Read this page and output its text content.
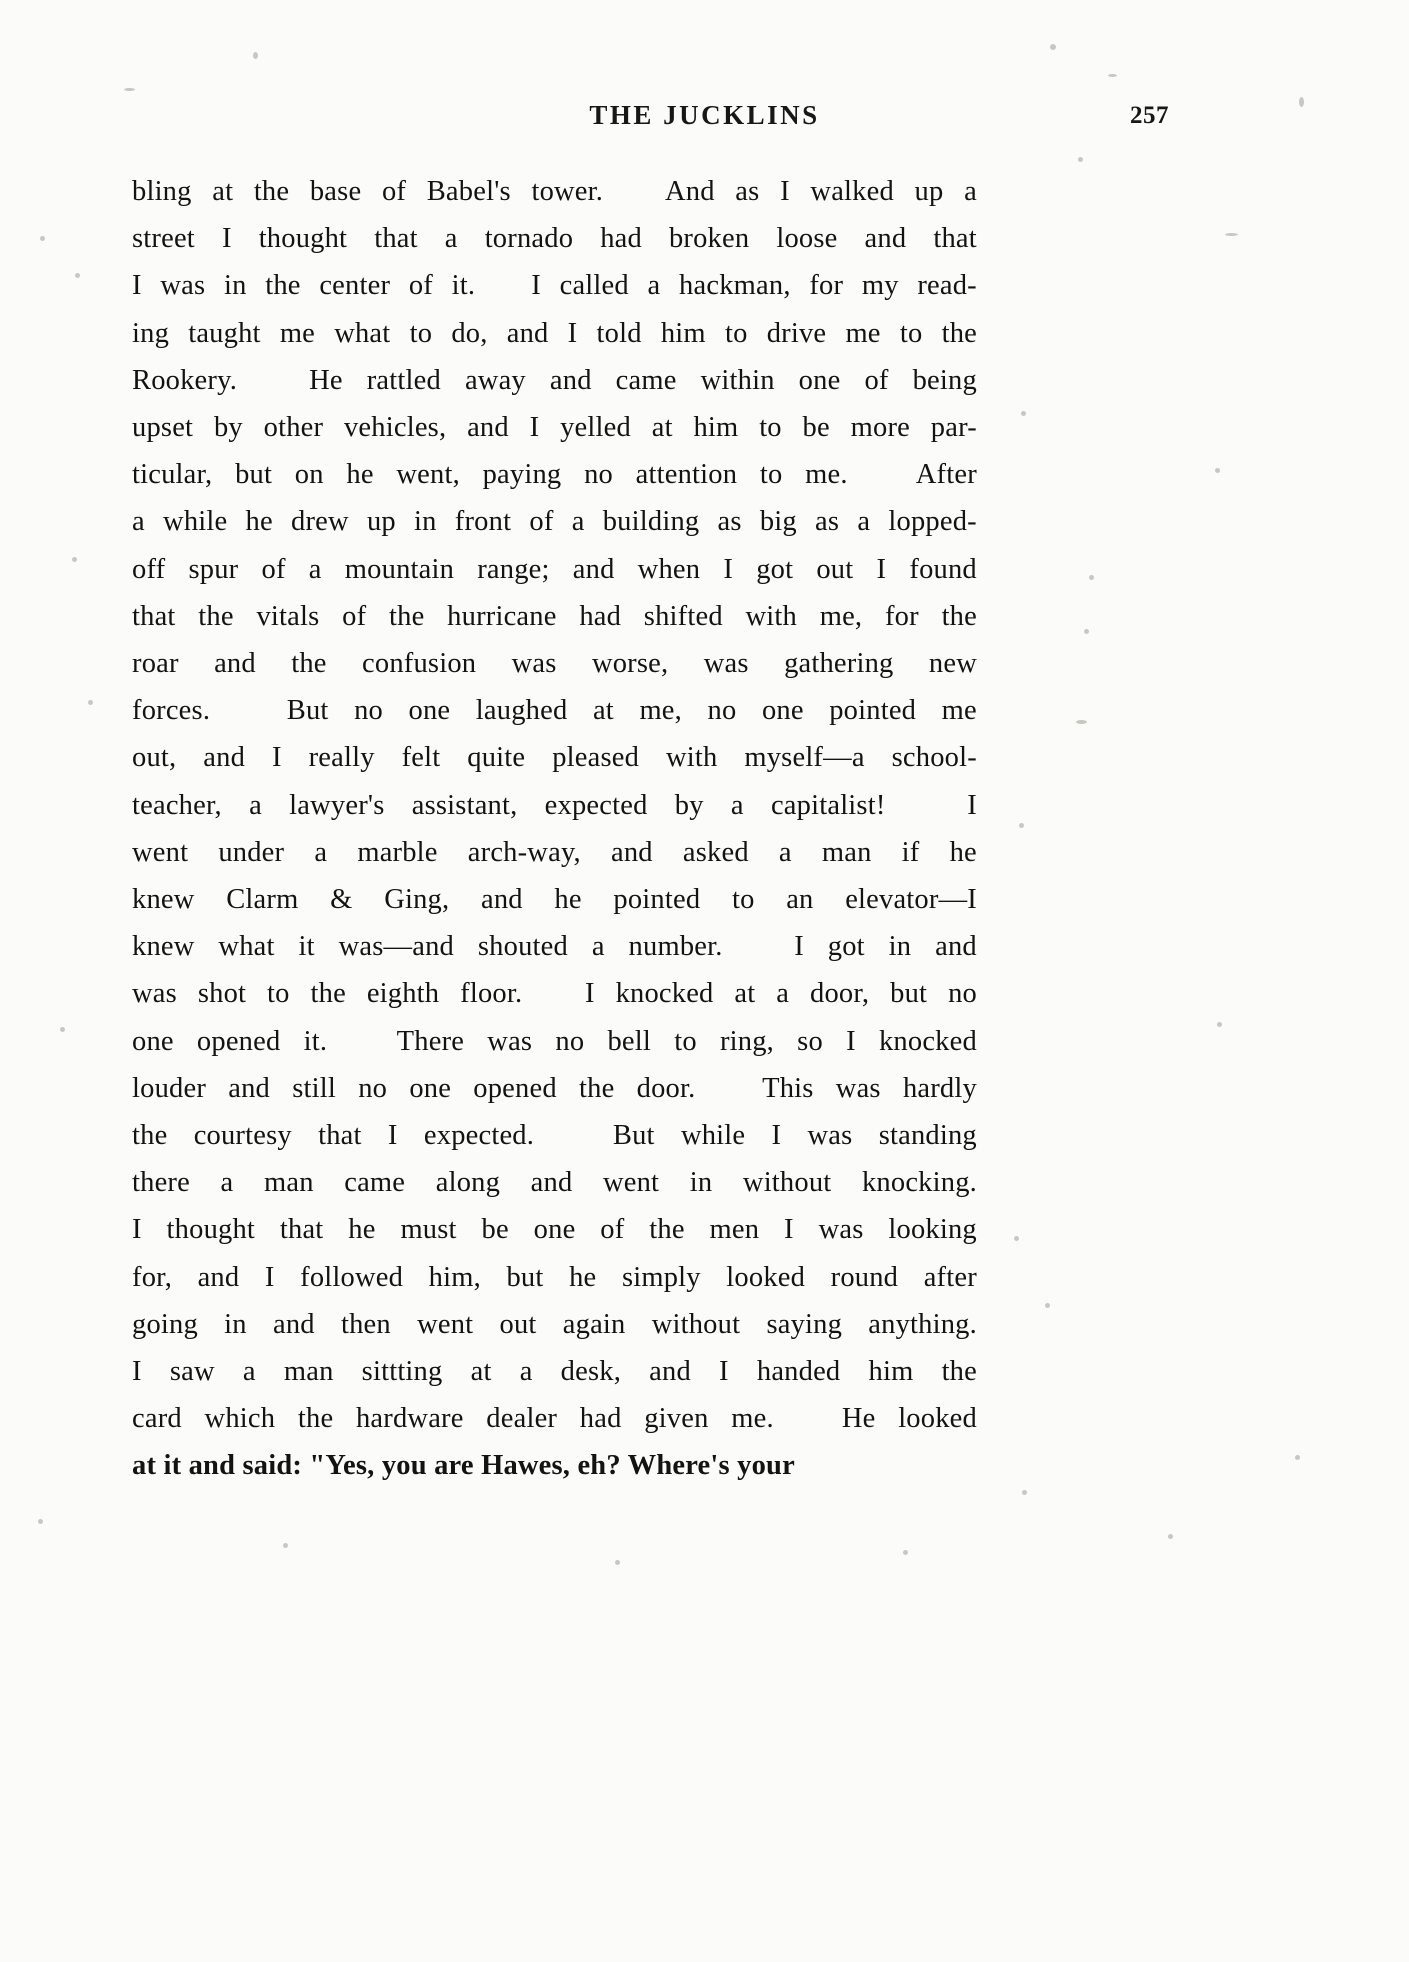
THE JUCKLINS	257
bling at the base of Babel's tower. And as I walked up a
street I thought that a tornado had broken loose and that
I was in the center of it. I called a hackman, for my read-
ing taught me what to do, and I told him to drive me to the
Rookery.	He rattled away and came within one of being
upset by other vehicles, and I yelled at him to be more par-
ticular, but on he went, paying no attention to me. After
a while he drew up in front of a building as big as a lopped-
off spur of a mountain range; and when I got out I found
that the vitals of the hurricane had shifted with me, for the
roar and the confusion was worse, was gathering new
forces.	But no one laughed at me, no one pointed me
out, and I really felt quite pleased with myself—a school-
teacher, a lawyer's assistant, expected by a capitalist!	I
went under a marble arch-way, and asked a man if he
knew Clarm & Ging, and he pointed to an elevator—I
knew what it was—and shouted a number.	I got in and
was shot to the eighth floor. I knocked at a door, but no
one opened it. There was no bell to ring, so I knocked
louder and still no one opened the door. This was hardly
the courtesy that I expected.	But while I was standing
there a man came along and went in without knocking.
I thought that he must be one of the men I was looking
for, and I followed him, but he simply looked round after
going in and then went out again without saying anything.
I saw a man sittting at a desk, and I handed him the
card which the hardware dealer had given me. He looked
at it and said: "Yes, you are Hawes, eh? Where's your
